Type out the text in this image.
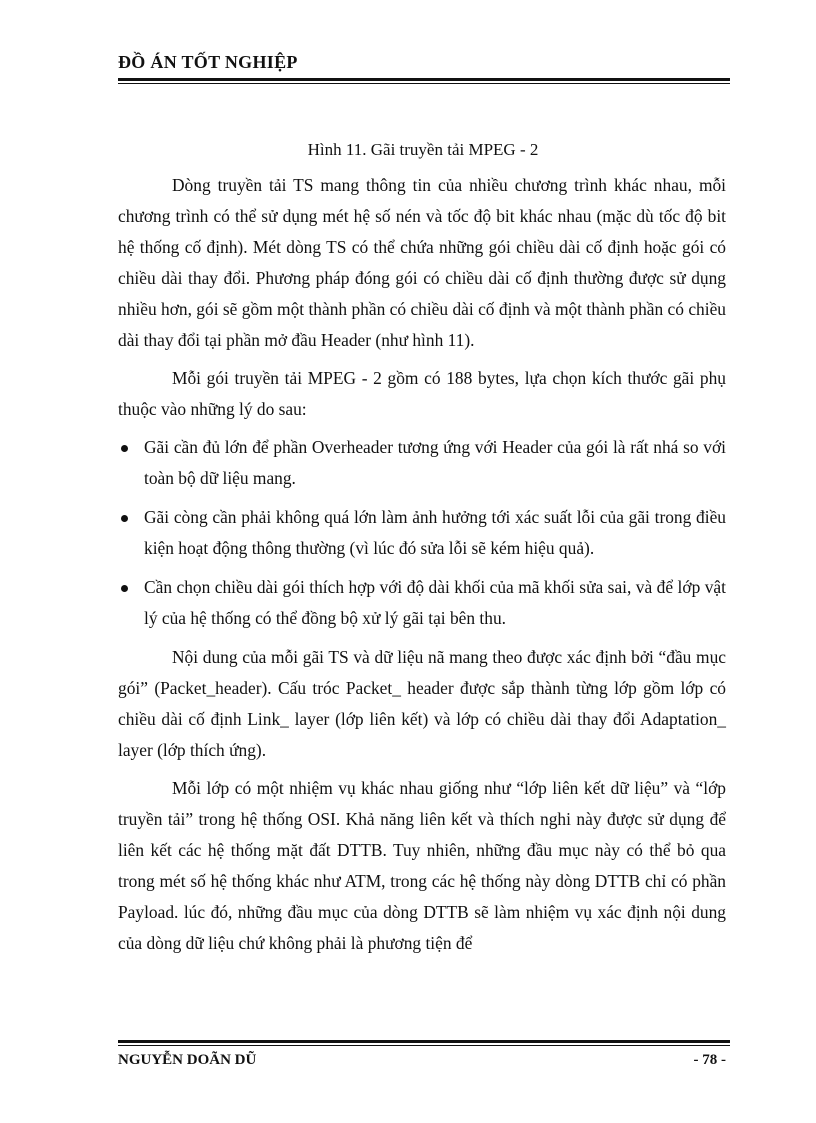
ĐỒ ÁN TỐT NGHIỆP
Hình 11. Gãi truyền tải MPEG - 2

Dòng truyền tải TS mang thông tin của nhiều chương trình khác nhau, mỗi chương trình có thể sử dụng mét hệ số nén và tốc độ bit khác nhau (mặc dù tốc độ bit hệ thống cố định). Mét dòng TS có thể chứa những gói chiều dài cố định hoặc gói có chiều dài thay đổi. Phương pháp đóng gói có chiều dài cố định thường được sử dụng nhiều hơn, gói sẽ gồm một thành phần có chiều dài cố định và một thành phần có chiều dài thay đổi tại phần mở đầu Header (như hình 11).

Mỗi gói truyền tải MPEG - 2 gồm có 188 bytes, lựa chọn kích thước gãi phụ thuộc vào những lý do sau:

Gãi cần đủ lớn để phần Overheader tương ứng với Header của gói là rất nhá so với toàn bộ dữ liệu mang.
Gãi còng cần phải không quá lớn làm ảnh hưởng tới xác suất lỗi của gãi trong điều kiện hoạt động thông thường (vì lúc đó sửa lỗi sẽ kém hiệu quả).
Cần chọn chiều dài gói thích hợp với độ dài khối của mã khối sửa sai, và để lớp vật lý của hệ thống có thể đồng bộ xử lý gãi tại bên thu.

Nội dung của mỗi gãi TS và dữ liệu nã mang theo được xác định bởi “đầu mục gói” (Packet_header). Cấu tróc Packet_ header được sắp thành từng lớp gồm lớp có chiều dài cố định Link_ layer (lớp liên kết) và lớp có chiều dài thay đổi Adaptation_ layer (lớp thích ứng).

Mỗi lớp có một nhiệm vụ khác nhau giống như “lớp liên kết dữ liệu” và “lớp truyền tải” trong hệ thống OSI. Khả năng liên kết và thích nghi này được sử dụng để liên kết các hệ thống mặt đất DTTB. Tuy nhiên, những đầu mục này có thể bỏ qua trong mét số hệ thống khác như ATM, trong các hệ thống này dòng DTTB chỉ có phần Payload. lúc đó, những đầu mục của dòng DTTB sẽ làm nhiệm vụ xác định nội dung của dòng dữ liệu chứ không phải là phương tiện để

NGUYỄN DOÃN DŨ	- 78 -
